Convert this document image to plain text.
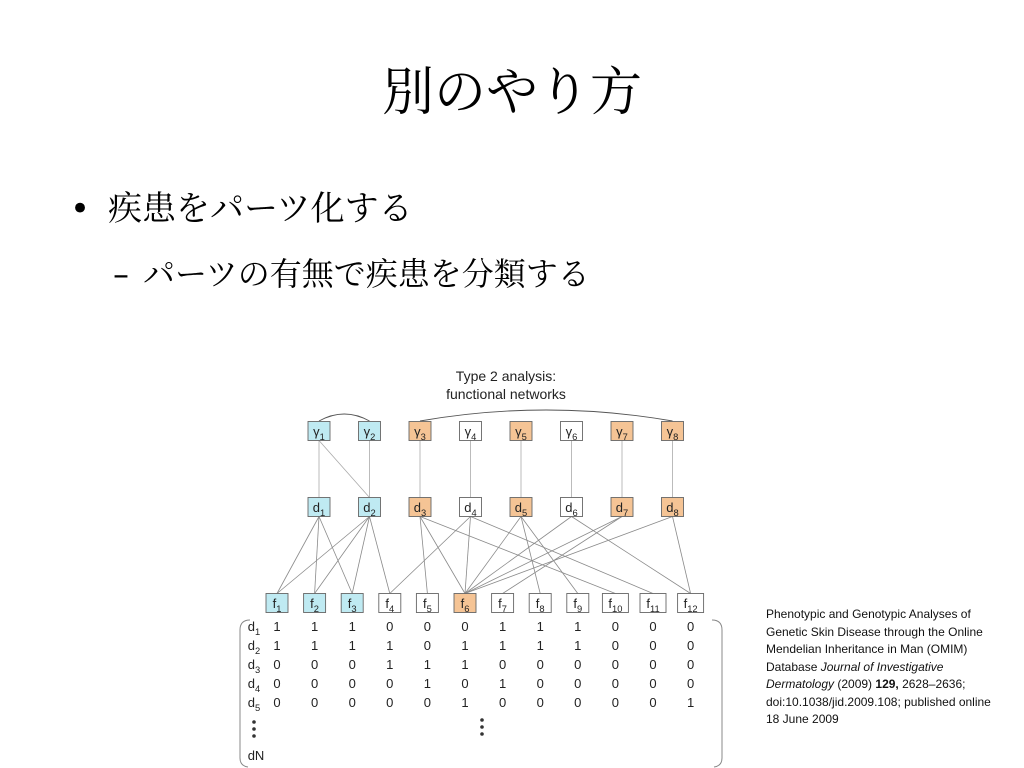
別のやり方
• 疾患をパーツ化する
– パーツの有無で疾患を分類する
Type 2 analysis:
functional networks
$\gamma_1$	$\gamma_2$	$\gamma_3$	$\gamma_4$	$\gamma_5$	$\gamma_6$	$\gamma_7$	$\gamma_8$
$d_1$	$d_2$	$d_3$	$d_4$	$d_5$	$d_6$	$d_7$	$d_8$
$f_1$ $f_2$ $f_3$ $f_4$ $f_5$ $f_6$ $f_7$ $f_8$ $f_9$ $f_{10}$ $f_{11}$ $f_{12}$
$d_1$ 1 1 1 0 0 0 1 1 1 0 0 0
$d_2$ 1 1 1 1 0 1 1 1 1 0 0 0
$d_3$ 0 0 0 1 1 1 0 0 0 0 0 0
$d_4$ 0 0 0 0 1 0 1 0 0 0 0 0
$d_5$ 0 0 0 0 0 1 0 0 0 0 0 1
dN
Phenotypic and Genotypic Analyses of Genetic Skin Disease through the Online Mendelian Inheritance in Man (OMIM) Database Journal of Investigative Dermatology (2009) 129, 2628–2636; doi:10.1038/jid.2009.108; published online 18 June 2009
